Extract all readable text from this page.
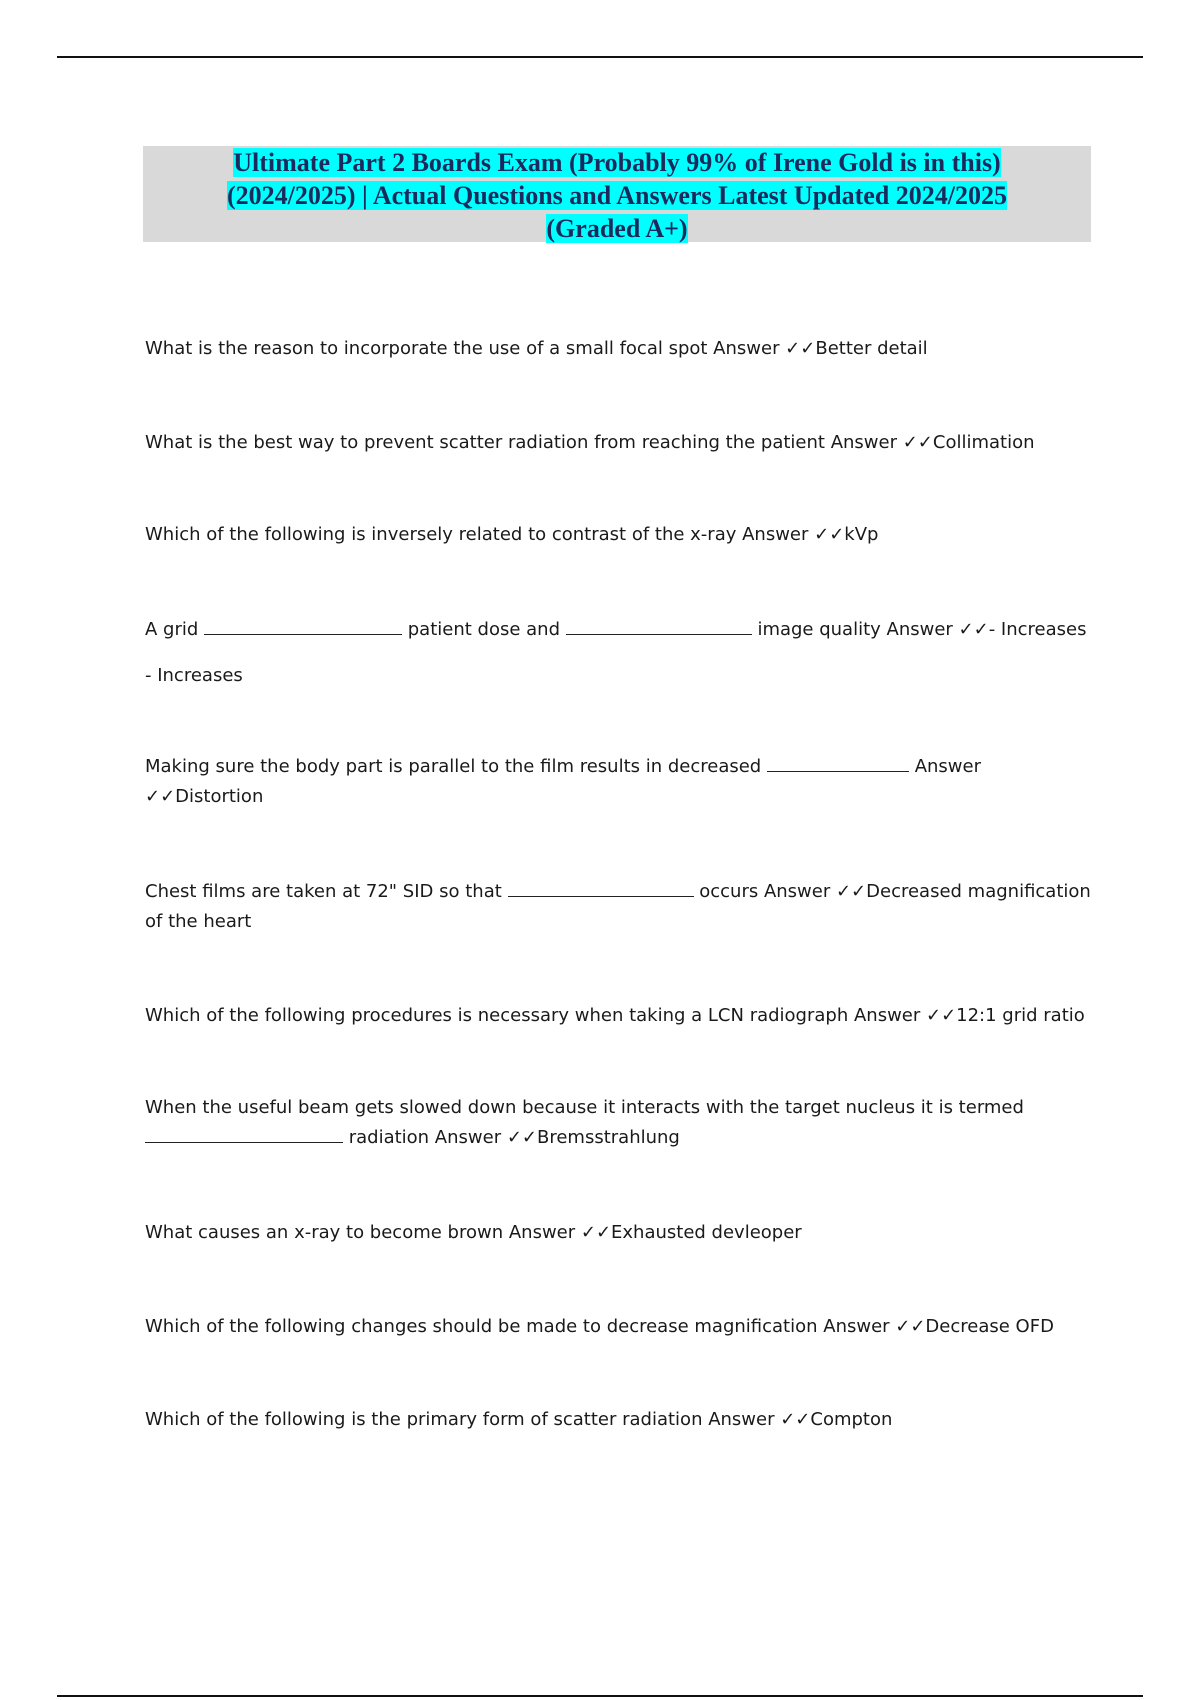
Ultimate Part 2 Boards Exam (Probably 99% of Irene Gold is in this)
(2024/2025) | Actual Questions and Answers Latest Updated 2024/2025
(Graded A+)

What is the reason to incorporate the use of a small focal spot Answer ✓✓Better detail

What is the best way to prevent scatter radiation from reaching the patient Answer ✓✓Collimation

Which of the following is inversely related to contrast of the x-ray Answer ✓✓kVp

A grid	patient dose and	image quality Answer ✓✓- Increases
- Increases
Making sure the body part is parallel to the film results in decreased	Answer
✓✓Distortion
Chest films are taken at 72" SID so that	occurs Answer ✓✓Decreased magnification
of the heart

Which of the following procedures is necessary when taking a LCN radiograph Answer ✓✓12:1 grid ratio

When the useful beam gets slowed down because it interacts with the target nucleus it is termed
radiation Answer ✓✓Bremsstrahlung

What causes an x-ray to become brown Answer ✓✓Exhausted devleoper

Which of the following changes should be made to decrease magnification Answer ✓✓Decrease OFD

Which of the following is the primary form of scatter radiation Answer ✓✓Compton
